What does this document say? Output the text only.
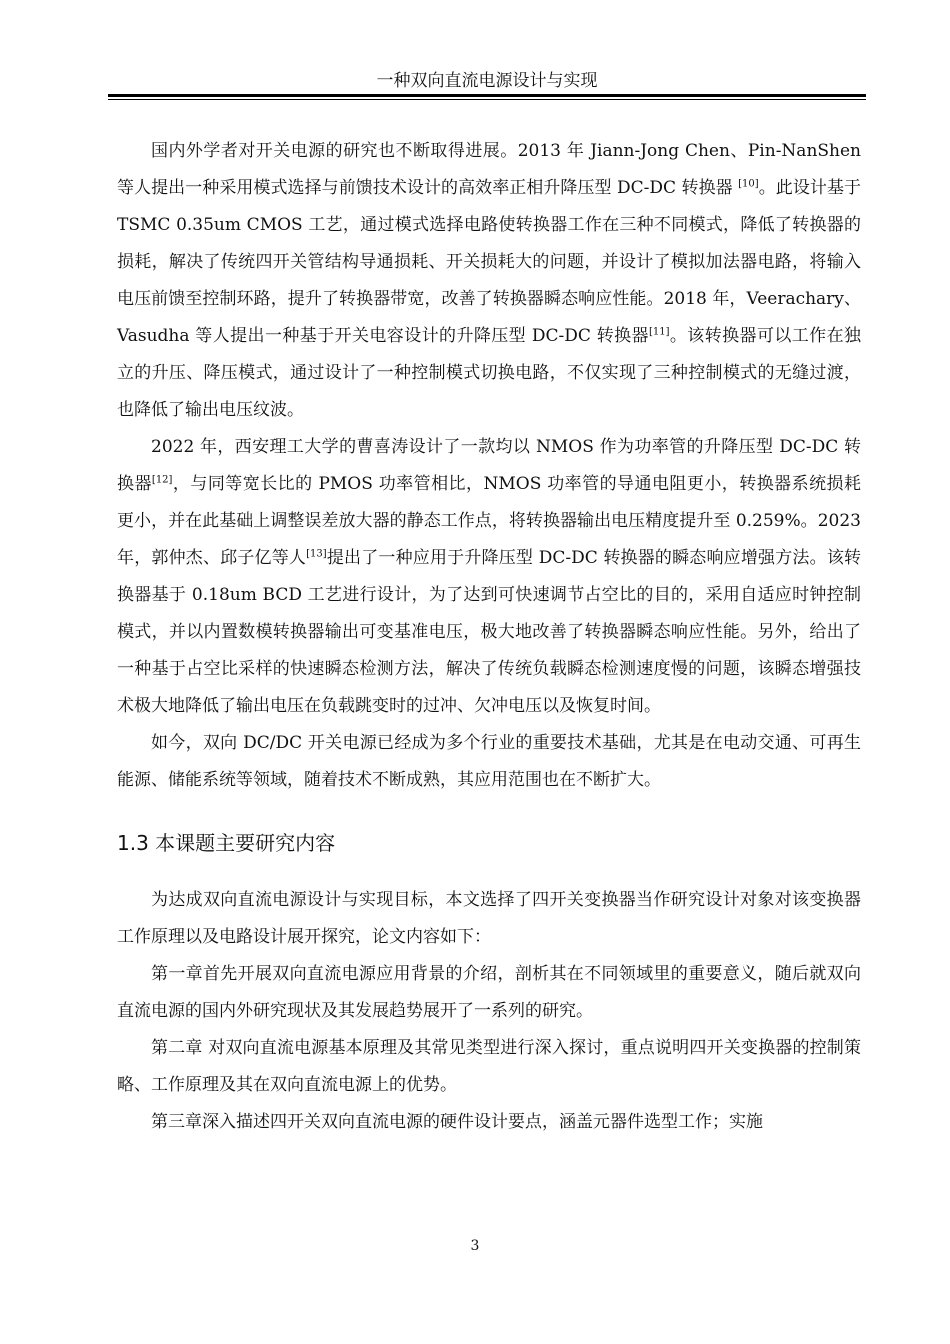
一种双向直流电源设计与实现

国内外学者对开关电源的研究也不断取得进展。2013 年 Jiann-Jong Chen、Pin-NanShen 等人提出一种采用模式选择与前馈技术设计的高效率正相升降压型 DC-DC 转换器 [10]。此设计基于 TSMC 0.35um CMOS 工艺，通过模式选择电路使转换器工作在三种不同模式，降低了转换器的损耗，解决了传统四开关管结构导通损耗、开关损耗大的问题，并设计了模拟加法器电路，将输入电压前馈至控制环路，提升了转换器带宽，改善了转换器瞬态响应性能。2018 年，Veerachary、Vasudha 等人提出一种基于开关电容设计的升降压型 DC-DC 转换器[11]。该转换器可以工作在独立的升压、降压模式，通过设计了一种控制模式切换电路，不仅实现了三种控制模式的无缝过渡，也降低了输出电压纹波。

2022 年，西安理工大学的曹喜涛设计了一款均以 NMOS 作为功率管的升降压型 DC-DC 转换器[12]，与同等宽长比的 PMOS 功率管相比，NMOS 功率管的导通电阻更小，转换器系统损耗更小，并在此基础上调整误差放大器的静态工作点，将转换器输出电压精度提升至 0.259%。2023 年，郭仲杰、邱子亿等人[13]提出了一种应用于升降压型 DC-DC 转换器的瞬态响应增强方法。该转换器基于 0.18um BCD 工艺进行设计，为了达到可快速调节占空比的目的，采用自适应时钟控制模式，并以内置数模转换器输出可变基准电压，极大地改善了转换器瞬态响应性能。另外，给出了一种基于占空比采样的快速瞬态检测方法，解决了传统负载瞬态检测速度慢的问题，该瞬态增强技术极大地降低了输出电压在负载跳变时的过冲、欠冲电压以及恢复时间。

如今，双向 DC/DC 开关电源已经成为多个行业的重要技术基础，尤其是在电动交通、可再生能源、储能系统等领域，随着技术不断成熟，其应用范围也在不断扩大。

1.3 本课题主要研究内容

为达成双向直流电源设计与实现目标，本文选择了四开关变换器当作研究设计对象对该变换器工作原理以及电路设计展开探究，论文内容如下：

第一章首先开展双向直流电源应用背景的介绍，剖析其在不同领域里的重要意义，随后就双向直流电源的国内外研究现状及其发展趋势展开了一系列的研究。

第二章 对双向直流电源基本原理及其常见类型进行深入探讨，重点说明四开关变换器的控制策略、工作原理及其在双向直流电源上的优势。

第三章深入描述四开关双向直流电源的硬件设计要点，涵盖元器件选型工作；实施

3
